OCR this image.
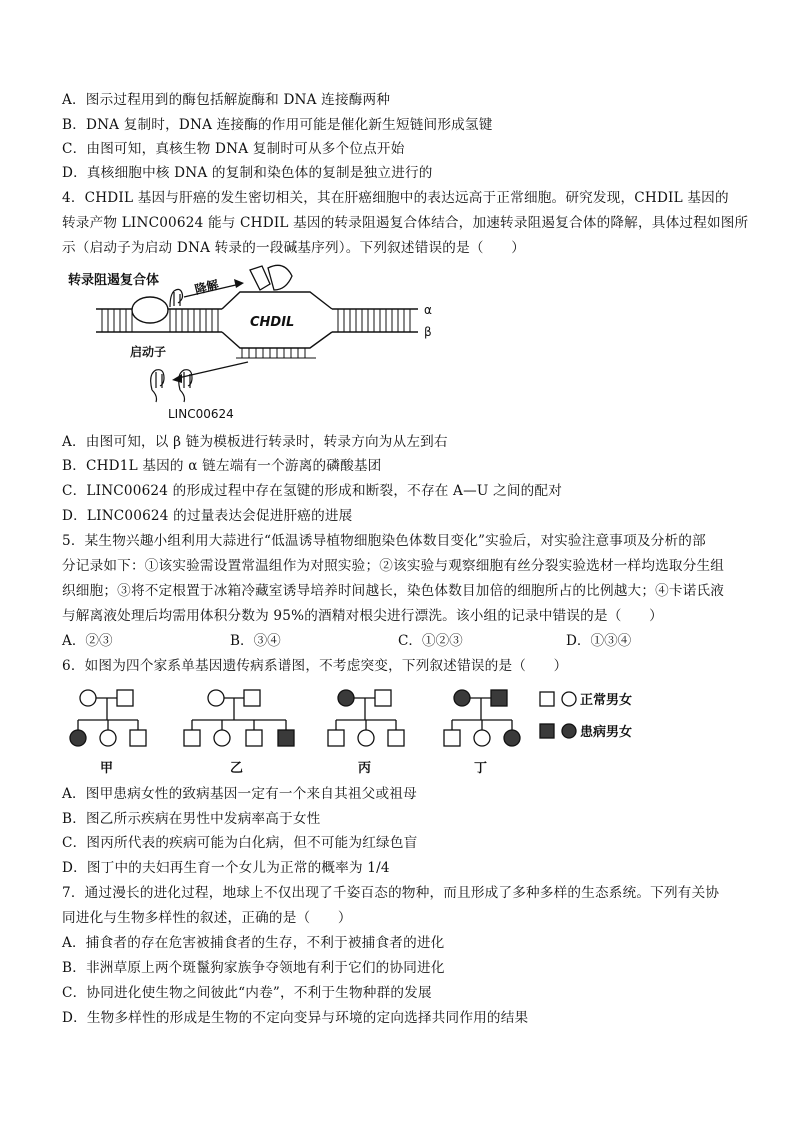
A．图示过程用到的酶包括解旋酶和 DNA 连接酶两种
B．DNA 复制时，DNA 连接酶的作用可能是催化新生短链间形成氢键
C．由图可知，真核生物 DNA 复制时可从多个位点开始
D．真核细胞中核 DNA 的复制和染色体的复制是独立进行的
4．CHDIL 基因与肝癌的发生密切相关，其在肝癌细胞中的表达远高于正常细胞。研究发现，CHDIL 基因的
转录产物 LINC00624 能与 CHDIL 基因的转录阻遏复合体结合，加速转录阻遏复合体的降解，具体过程如图所
示（启动子为启动 DNA 转录的一段碱基序列）。下列叙述错误的是（　　）
转录阻遏复合体	降解
CHDIL
α
β
启动子
LINC00624
A．由图可知，以 β 链为模板进行转录时，转录方向为从左到右
B．CHD1L 基因的 α 链左端有一个游离的磷酸基团
C．LINC00624 的形成过程中存在氢键的形成和断裂，不存在 A—U 之间的配对
D．LINC00624 的过量表达会促进肝癌的进展
5．某生物兴趣小组利用大蒜进行“低温诱导植物细胞染色体数目变化”实验后，对实验注意事项及分析的部
分记录如下：①该实验需设置常温组作为对照实验；②该实验与观察细胞有丝分裂实验选材一样均选取分生组
织细胞；③将不定根置于冰箱冷藏室诱导培养时间越长，染色体数目加倍的细胞所占的比例越大；④卡诺氏液
与解离液处理后均需用体积分数为 95%的酒精对根尖进行漂洗。该小组的记录中错误的是（　　）
A．②③	B．③④	C．①②③	D．①③④
6．如图为四个家系单基因遗传病系谱图，不考虑突变，下列叙述错误的是（　　）
正常男女
患病男女
甲	乙	丙	丁
A．图甲患病女性的致病基因一定有一个来自其祖父或祖母
B．图乙所示疾病在男性中发病率高于女性
C．图丙所代表的疾病可能为白化病，但不可能为红绿色盲
D．图丁中的夫妇再生育一个女儿为正常的概率为 1/4
7．通过漫长的进化过程，地球上不仅出现了千姿百态的物种，而且形成了多种多样的生态系统。下列有关协
同进化与生物多样性的叙述，正确的是（　　）
A．捕食者的存在危害被捕食者的生存，不利于被捕食者的进化
B．非洲草原上两个斑鬣狗家族争夺领地有利于它们的协同进化
C．协同进化使生物之间彼此“内卷”，不利于生物种群的发展
D．生物多样性的形成是生物的不定向变异与环境的定向选择共同作用的结果
